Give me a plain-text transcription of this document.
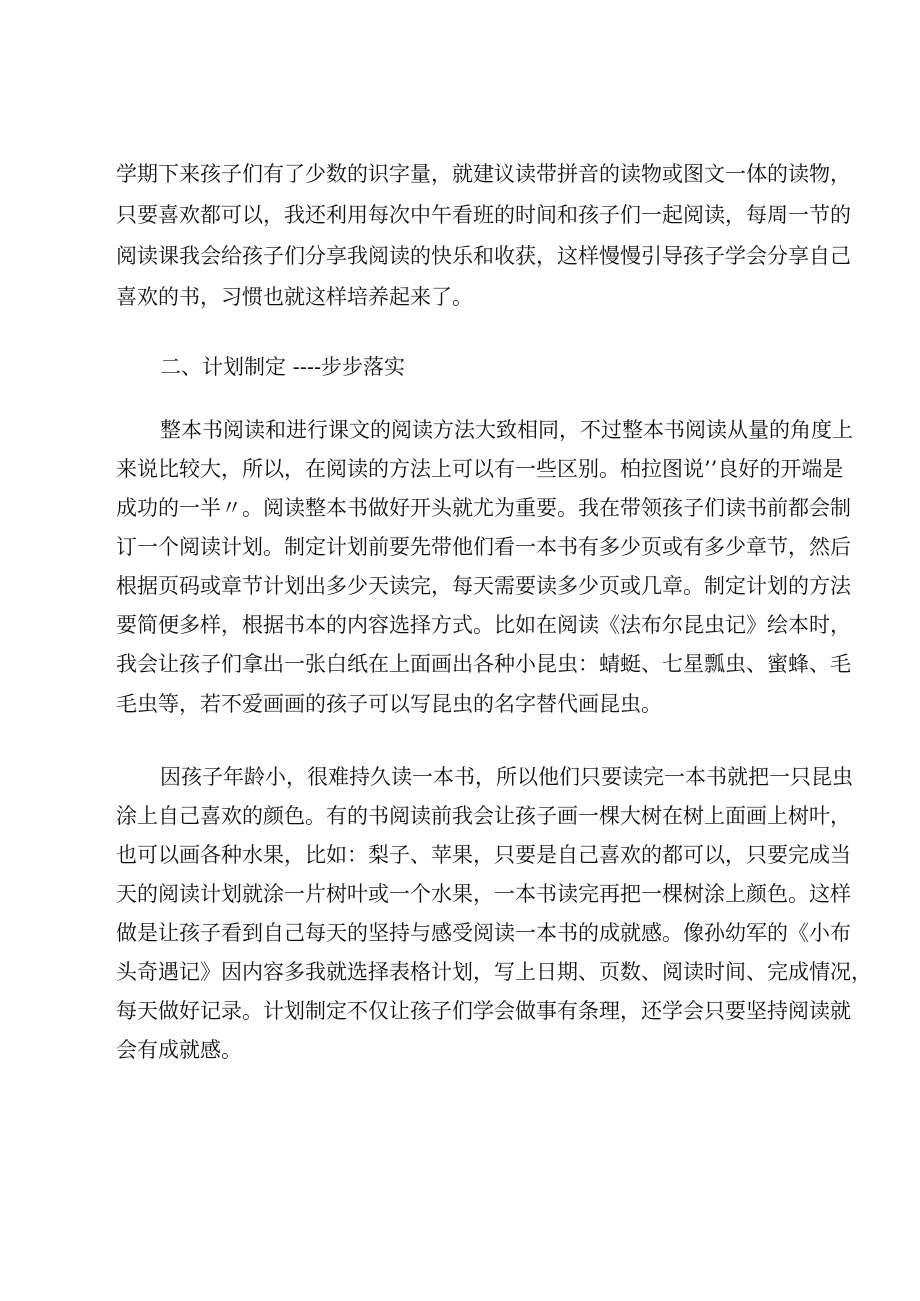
学期下来孩子们有了少数的识字量，就建议读带拼音的读物或图文一体的读物，
只要喜欢都可以，我还利用每次中午看班的时间和孩子们一起阅读，每周一节的
阅读课我会给孩子们分享我阅读的快乐和收获，这样慢慢引导孩子学会分享自己
喜欢的书，习惯也就这样培养起来了。
二、计划制定 ----步步落实
整本书阅读和进行课文的阅读方法大致相同，不过整本书阅读从量的角度上
来说比较大，所以，在阅读的方法上可以有一些区别。柏拉图说’’良好的开端是
成功的一半〃。阅读整本书做好开头就尤为重要。我在带领孩子们读书前都会制
订一个阅读计划。制定计划前要先带他们看一本书有多少页或有多少章节，然后
根据页码或章节计划出多少天读完，每天需要读多少页或几章。制定计划的方法
要简便多样，根据书本的内容选择方式。比如在阅读《法布尔昆虫记》绘本时，
我会让孩子们拿出一张白纸在上面画出各种小昆虫：蜻蜓、七星瓢虫、蜜蜂、毛
毛虫等，若不爱画画的孩子可以写昆虫的名字替代画昆虫。
因孩子年龄小，很难持久读一本书，所以他们只要读完一本书就把一只昆虫
涂上自己喜欢的颜色。有的书阅读前我会让孩子画一棵大树在树上面画上树叶，
也可以画各种水果，比如：梨子、苹果，只要是自己喜欢的都可以，只要完成当
天的阅读计划就涂一片树叶或一个水果，一本书读完再把一棵树涂上颜色。这样
做是让孩子看到自己每天的坚持与感受阅读一本书的成就感。像孙幼军的《小布
头奇遇记》因内容多我就选择表格计划，写上日期、页数、阅读时间、完成情况，
每天做好记录。计划制定不仅让孩子们学会做事有条理，还学会只要坚持阅读就
会有成就感。
